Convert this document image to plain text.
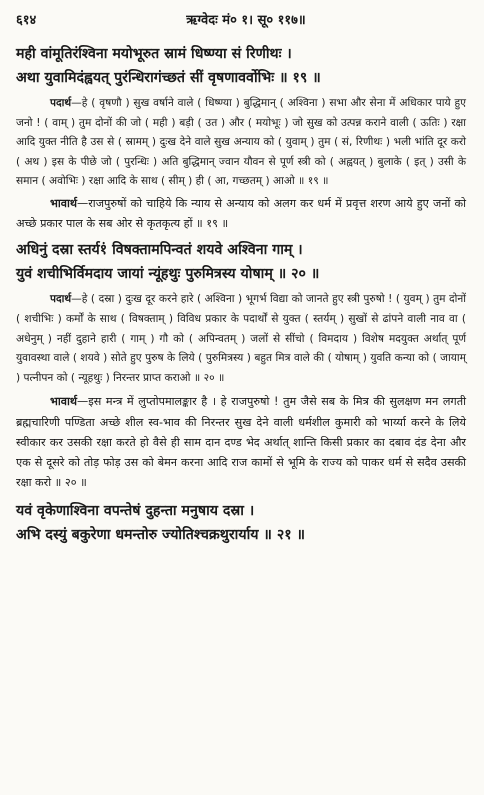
६१४	ऋग्वेदः मं० १। सू० ११७॥
मही वांमूतिरंश्विना मयोभूरुत स्रामं धिष्ण्या सं रिणीथः ।
अथा युवामिदंह्वयत् पुरंन्धिरागंच्छतं सीं वृषणावर्वोभिः ॥ १९ ॥

पदार्थ—हे ( वृषणौ ) सुख वर्षाने वाले ( धिष्ण्या ) बुद्धिमान् ( अश्विना ) सभा और सेना में अधिकार पाये हुए जनो ! ( वाम् ) तुम दोनों की जो ( मही ) बड़ी ( उत ) और ( मयोभूः ) जो सुख को उत्पन्न कराने वाली ( ऊतिः ) रक्षा आदि युक्त नीति है उस से ( स्रामम् ) दुःख देने वाले सुख अन्याय को ( युवाम् ) तुम ( सं, रिणीथः ) भली भांति दूर करो ( अथ ) इस के पीछे जो ( पुरन्धिः ) अति बुद्धिमान् ज्वान यौवन से पूर्ण स्त्री को ( अह्वयत् ) बुलाके ( इत् ) उसी के समान ( अवोभिः ) रक्षा आदि के साथ ( सीम् ) ही ( आ, गच्छतम् ) आओ ॥ १९ ॥

भावार्थ—राजपुरुषों को चाहिये कि न्याय से अन्याय को अलग कर धर्म में प्रवृत्त शरण आये हुए जनों को अच्छे प्रकार पाल के सब ओर से कृतकृत्य हों ॥ १९ ॥

अधिनुं दस्रा स्तर्य१ं विषक्तामपिन्वतं शयवे अश्विना गाम् ।
युवं शचीभिर्विमदाय जायां न्यूंहथुः पुरुमित्रस्य योषाम् ॥ २० ॥

पदार्थ—हे ( दस्रा ) दुःख दूर करने हारे ( अश्विना ) भूगर्भ विद्या को जानते हुए स्त्री पुरुषो ! ( युवम् ) तुम दोनों ( शचीभिः ) कर्मों के साथ ( विषक्ताम् ) विविध प्रकार के पदार्थों से युक्त ( स्तर्यम् ) सुखों से ढांपने वाली नाव वा ( अधेनुम् ) नहीं दुहाने हारी ( गाम् ) गौ को ( अपिन्वतम् ) जलों से सींचो ( विमदाय ) विशेष मदयुक्त अर्थात् पूर्ण युवावस्था वाले ( शयवे ) सोते हुए पुरुष के लिये ( पुरुमित्रस्य ) बहुत मित्र वाले की ( योषाम् ) युवति कन्या को ( जायाम् ) पत्नीपन को ( न्यूहथुः ) निरन्तर प्राप्त कराओ ॥ २० ॥

भावार्थ—इस मन्त्र में लुप्तोपमालङ्कार है । हे राजपुरुषो ! तुम जैसे सब के मित्र की सुलक्षण मन लगती ब्रह्मचारिणी पण्डिता अच्छे शील स्व-भाव की निरन्तर सुख देने वाली धर्मशील कुमारी को भार्य्या करने के लिये स्वीकार कर उसकी रक्षा करते हो वैसे ही साम दान दण्ड भेद अर्थात् शान्ति किसी प्रकार का दबाव दंड देना और एक से दूसरे को तोड़ फोड़ उस को बेमन करना आदि राज कामों से भूमि के राज्य को पाकर धर्म से सदैव उसकी रक्षा करो ॥ २० ॥

यवं वृकेणाश्विना वपन्तेषं दुहन्ता मनुषाय दस्रा ।
अभि दस्युं बकुरेणा धमन्तोरु ज्योतिश्चक्रथुरार्याय ॥ २१ ॥
